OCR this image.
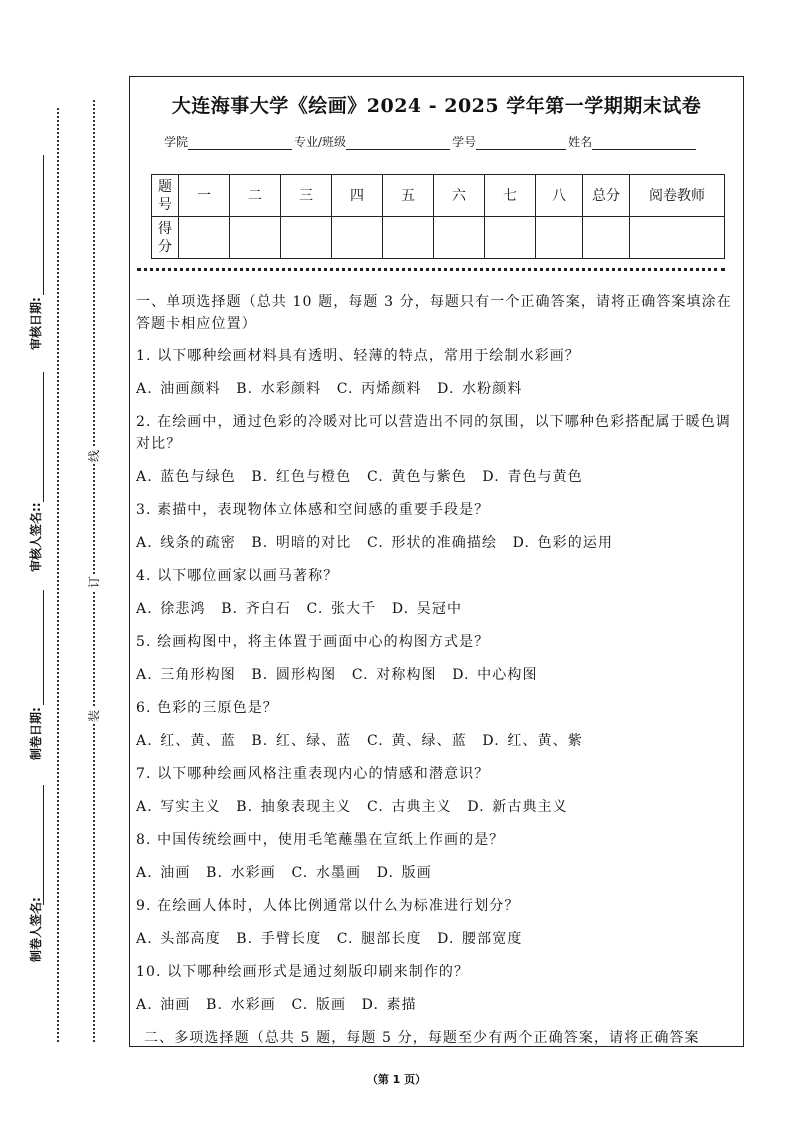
审核日期:
审核人签名::
制卷日期:
制卷人签名:
线
订
装
大连海事大学《绘画》2024 - 2025 学年第一学期期末试卷
学院	专业/班级	学号	姓名
题号	一	二	三	四	五	六	七	八	总分	阅卷教师
得分										
一、单项选择题（总共 10 题，每题 3 分，每题只有一个正确答案，请将正确答案填涂在答题卡相应位置）
1. 以下哪种绘画材料具有透明、轻薄的特点，常用于绘制水彩画？
A. 油画颜料 B. 水彩颜料 C. 丙烯颜料 D. 水粉颜料
2. 在绘画中，通过色彩的冷暖对比可以营造出不同的氛围，以下哪种色彩搭配属于暖色调对比？
A. 蓝色与绿色 B. 红色与橙色 C. 黄色与紫色 D. 青色与黄色
3. 素描中，表现物体立体感和空间感的重要手段是？
A. 线条的疏密 B. 明暗的对比 C. 形状的准确描绘 D. 色彩的运用
4. 以下哪位画家以画马著称？
A. 徐悲鸿 B. 齐白石 C. 张大千 D. 吴冠中
5. 绘画构图中，将主体置于画面中心的构图方式是？
A. 三角形构图 B. 圆形构图 C. 对称构图 D. 中心构图
6. 色彩的三原色是？
A. 红、黄、蓝 B. 红、绿、蓝 C. 黄、绿、蓝 D. 红、黄、紫
7. 以下哪种绘画风格注重表现内心的情感和潜意识？
A. 写实主义 B. 抽象表现主义 C. 古典主义 D. 新古典主义
8. 中国传统绘画中，使用毛笔蘸墨在宣纸上作画的是？
A. 油画 B. 水彩画 C. 水墨画 D. 版画
9. 在绘画人体时，人体比例通常以什么为标准进行划分？
A. 头部高度 B. 手臂长度 C. 腿部长度 D. 腰部宽度
10. 以下哪种绘画形式是通过刻版印刷来制作的？
A. 油画 B. 水彩画 C. 版画 D. 素描
二、多项选择题（总共 5 题，每题 5 分，每题至少有两个正确答案，请将正确答案
（第 1 页）
